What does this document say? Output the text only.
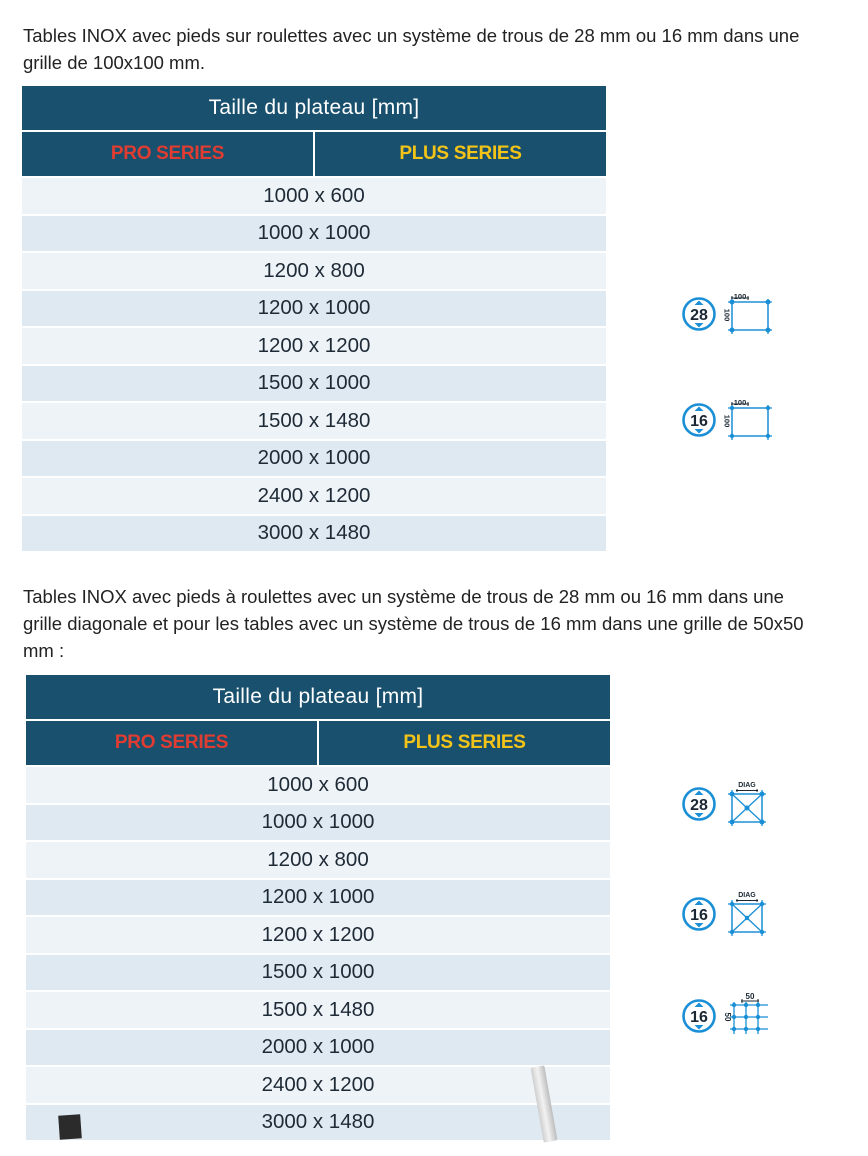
Tables INOX avec pieds sur roulettes avec un système de trous de 28 mm ou 16 mm dans une grille de 100x100 mm.

Taille du plateau [mm]
PRO SERIES	PLUS SERIES
1000 x 600
1000 x 1000
1200 x 800
1200 x 1000
1200 x 1200
1500 x 1000
1500 x 1480
2000 x 1000
2400 x 1200
3000 x 1480
28
100
100
16
100
100

Tables INOX avec pieds à roulettes avec un système de trous de 28 mm ou 16 mm dans une grille diagonale et pour les tables avec un système de trous de 16 mm dans une grille de 50x50 mm :

Taille du plateau [mm]
PRO SERIES	PLUS SERIES
1000 x 600
1000 x 1000
1200 x 800
1200 x 1000
1200 x 1200
1500 x 1000
1500 x 1480
2000 x 1000
2400 x 1200
3000 x 1480
28
DIAG
16
DIAG
16
50
50
